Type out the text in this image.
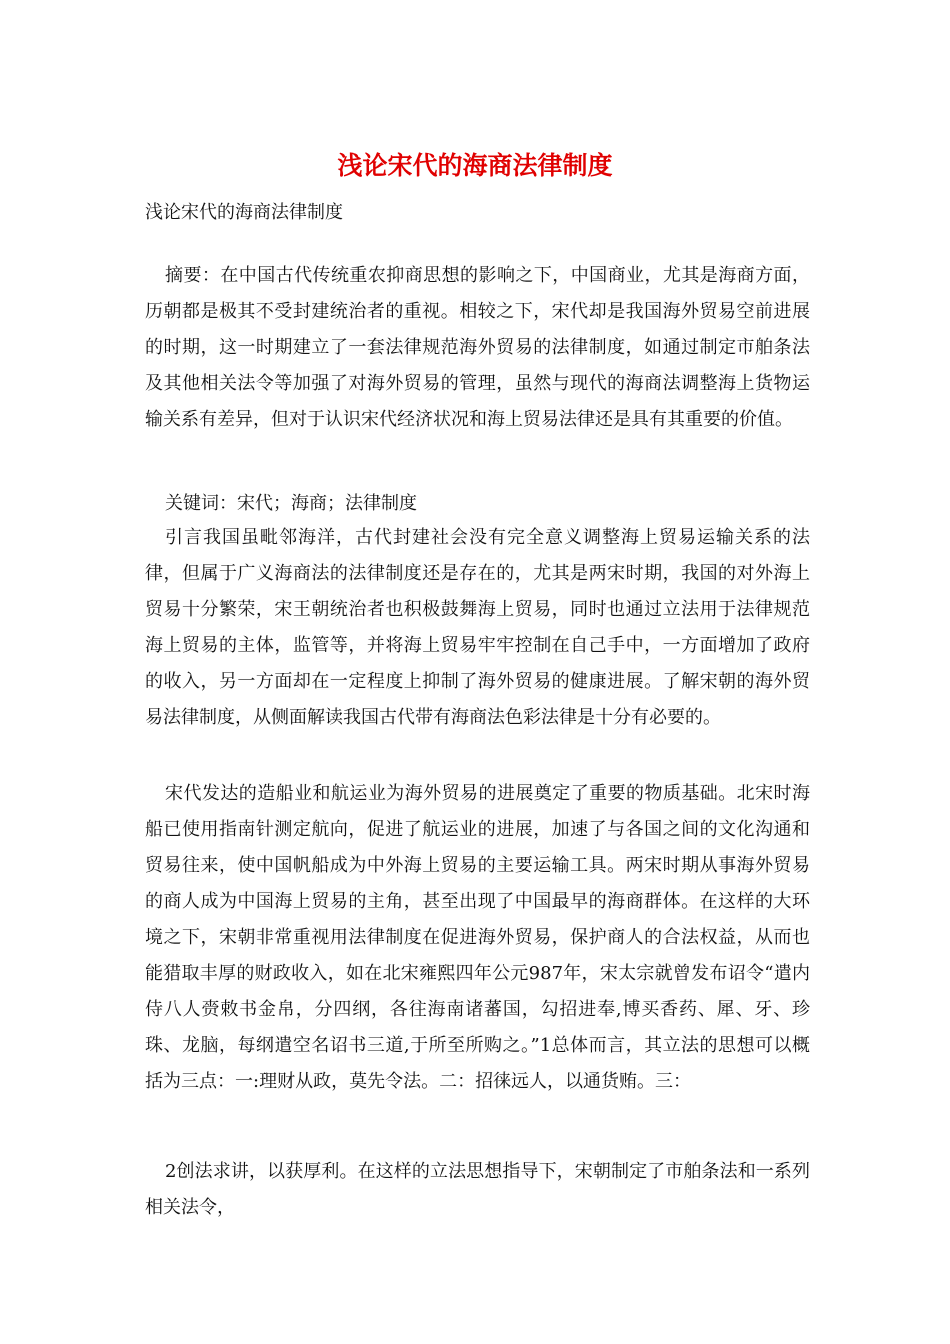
浅论宋代的海商法律制度
浅论宋代的海商法律制度
摘要：在中国古代传统重农抑商思想的影响之下，中国商业，尤其是海商方面，历朝都是极其不受封建统治者的重视。相较之下，宋代却是我国海外贸易空前进展的时期，这一时期建立了一套法律规范海外贸易的法律制度，如通过制定市舶条法及其他相关法令等加强了对海外贸易的管理，虽然与现代的海商法调整海上货物运输关系有差异，但对于认识宋代经济状况和海上贸易法律还是具有其重要的价值。
关键词：宋代；海商；法律制度
引言我国虽毗邻海洋，古代封建社会没有完全意义调整海上贸易运输关系的法律，但属于广义海商法的法律制度还是存在的，尤其是两宋时期，我国的对外海上贸易十分繁荣，宋王朝统治者也积极鼓舞海上贸易，同时也通过立法用于法律规范海上贸易的主体，监管等，并将海上贸易牢牢控制在自己手中，一方面增加了政府的收入，另一方面却在一定程度上抑制了海外贸易的健康进展。了解宋朝的海外贸易法律制度，从侧面解读我国古代带有海商法色彩法律是十分有必要的。
宋代发达的造船业和航运业为海外贸易的进展奠定了重要的物质基础。北宋时海船已使用指南针测定航向，促进了航运业的进展，加速了与各国之间的文化沟通和贸易往来，使中国帆船成为中外海上贸易的主要运输工具。两宋时期从事海外贸易的商人成为中国海上贸易的主角，甚至出现了中国最早的海商群体。在这样的大环境之下，宋朝非常重视用法律制度在促进海外贸易，保护商人的合法权益，从而也能猎取丰厚的财政收入，如在北宋雍熙四年公元987年，宋太宗就曾发布诏令“遣内侍八人赍敕书金帛，分四纲，各往海南诸蕃国，勾招进奉,博买香药、犀、牙、珍珠、龙脑，每纲遣空名诏书三道,于所至所购之。”1总体而言，其立法的思想可以概括为三点：一:理财从政，莫先令法。二：招徕远人，以通货贿。三：
2创法求讲，以获厚利。在这样的立法思想指导下，宋朝制定了市舶条法和一系列相关法令，
